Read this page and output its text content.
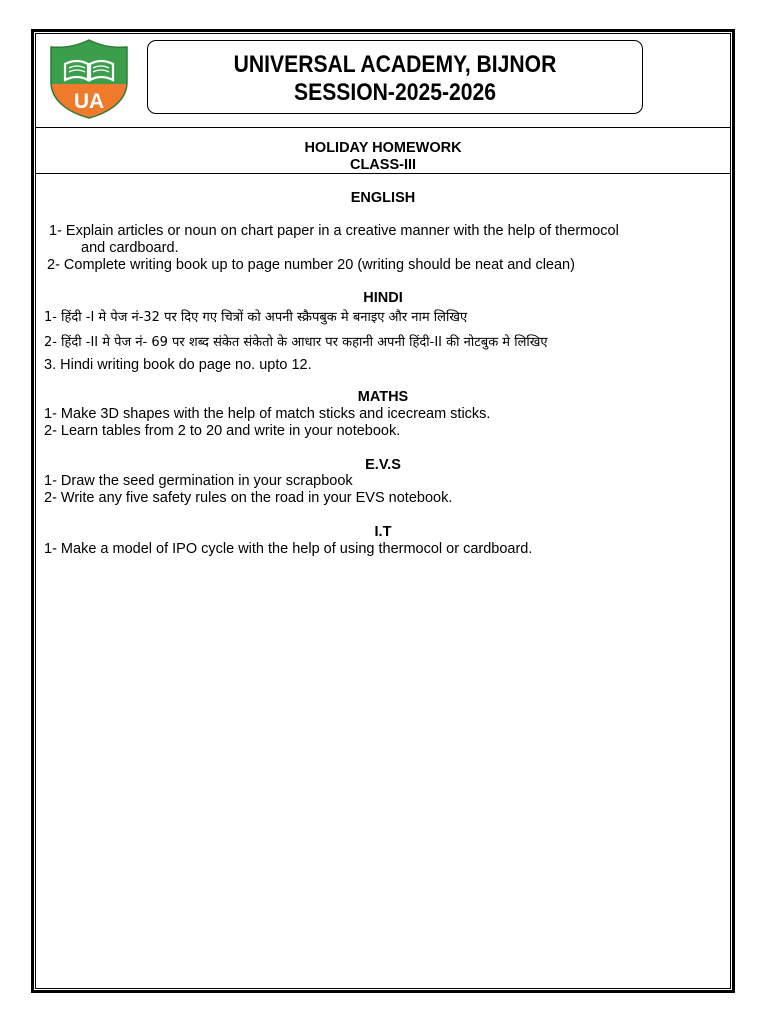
UA
UNIVERSAL ACADEMY, BIJNOR
SESSION-2025-2026
HOLIDAY HOMEWORK
CLASS-III
ENGLISH
1- Explain articles or noun on chart paper in a creative manner with the help of thermocol
and cardboard.
2- Complete writing book up to page number 20 (writing should be neat and clean)
HINDI
1- हिंदी -I मे पेज नं-32 पर दिए गए चित्रों को अपनी स्क्रैपबुक मे बनाइए और नाम लिखिए
2- हिंदी -II मे पेज नं- 69 पर शब्द संकेत संकेतो के आधार पर कहानी अपनी हिंदी-II की नोटबुक मे लिखिए
3. Hindi writing book do page no. upto 12.
MATHS
1- Make 3D shapes with the help of match sticks and icecream sticks.
2- Learn tables from 2 to 20 and write in your notebook.
E.V.S
1- Draw the seed germination in your scrapbook
2- Write any five safety rules on the road in your EVS notebook.
I.T
1- Make a model of IPO cycle with the help of using thermocol or cardboard.
